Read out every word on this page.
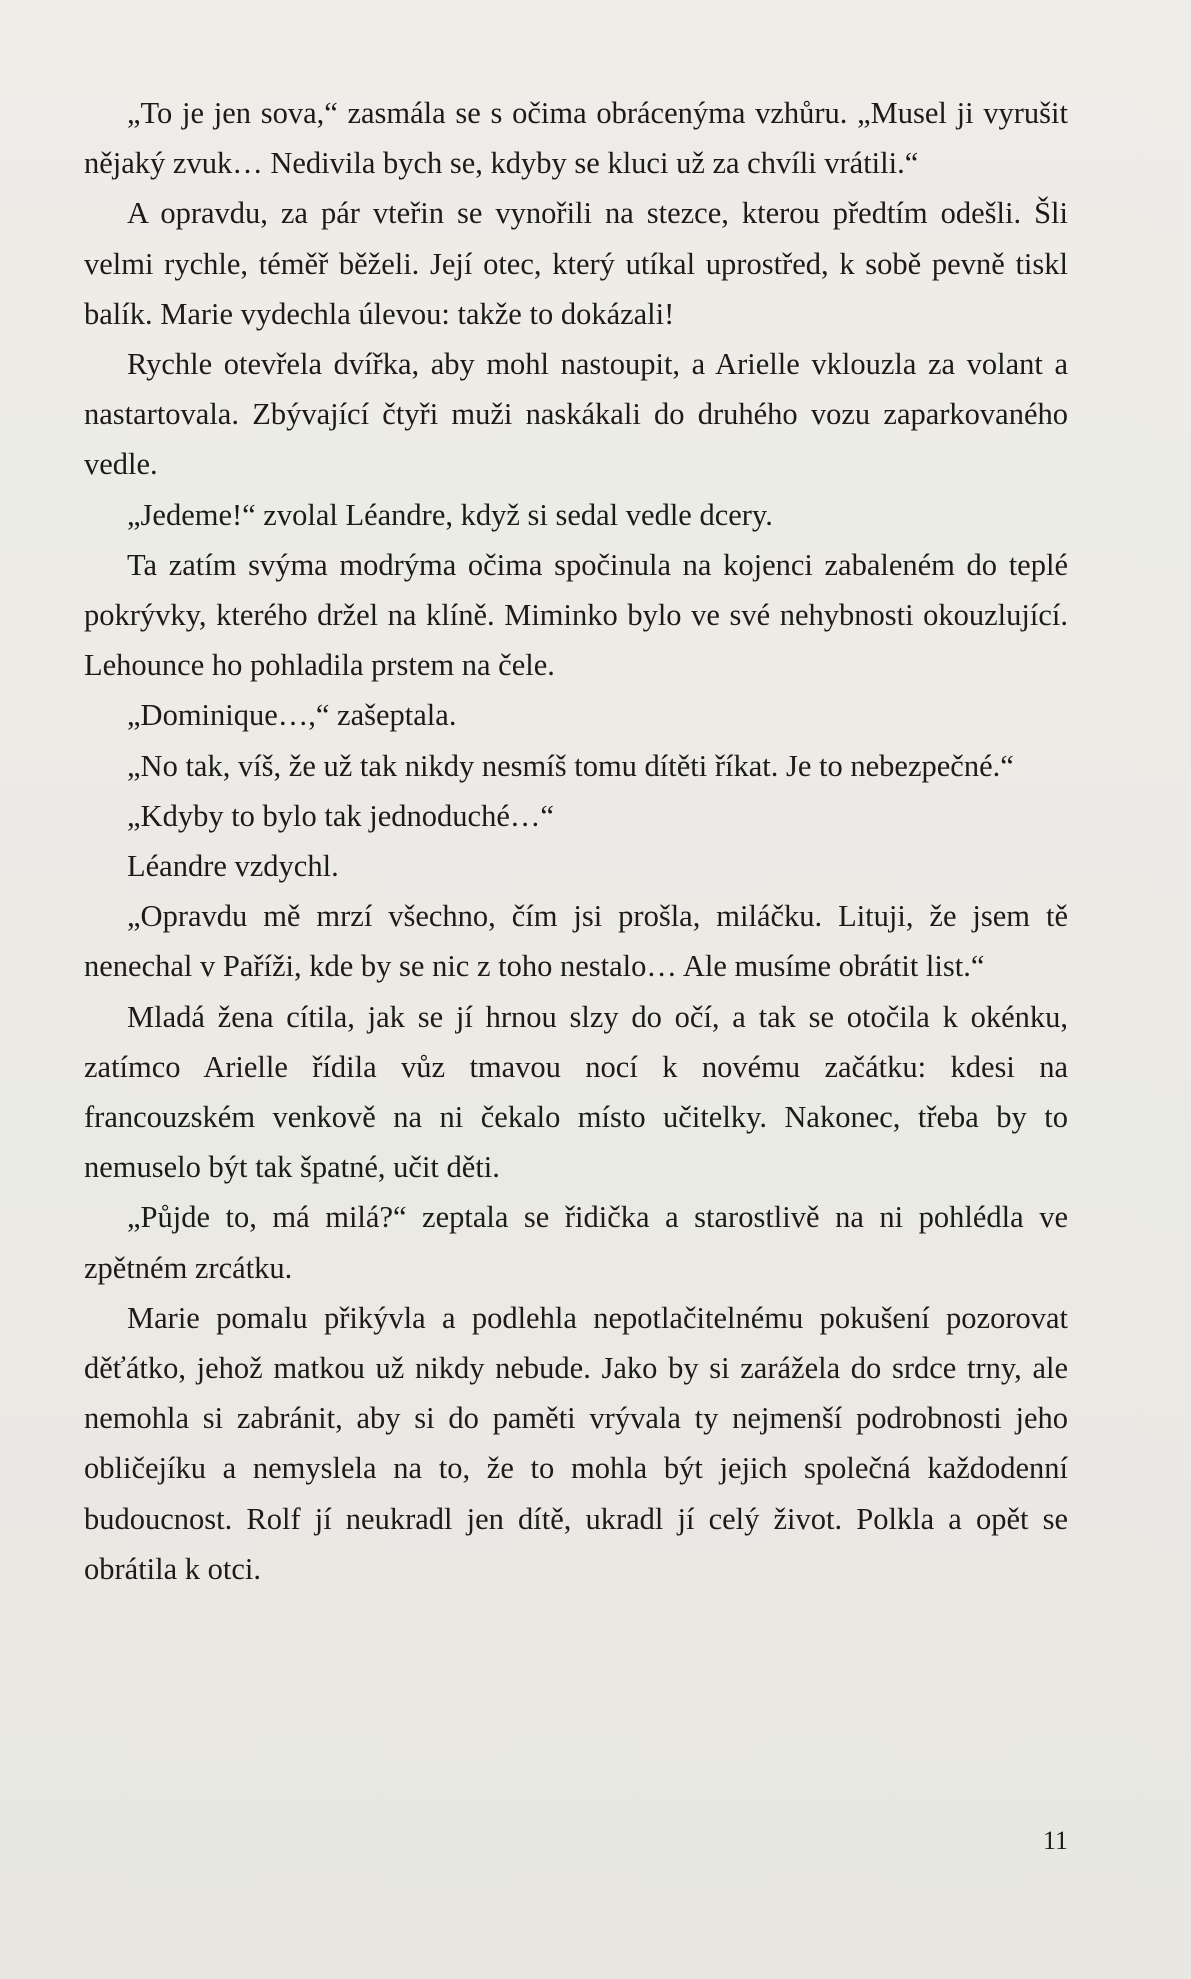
„To je jen sova,“ zasmála se s očima obrácenýma vzhůru. „Musel ji vyrušit nějaký zvuk… Nedivila bych se, kdyby se kluci už za chvíli vrátili.“

A opravdu, za pár vteřin se vynořili na stezce, kterou předtím odešli. Šli velmi rychle, téměř běželi. Její otec, který utíkal uprostřed, k sobě pevně tiskl balík. Marie vydechla úlevou: takže to dokázali!

Rychle otevřela dvířka, aby mohl nastoupit, a Arielle vklouzla za volant a nastartovala. Zbývající čtyři muži naskákali do druhého vozu zaparkovaného vedle.

„Jedeme!“ zvolal Léandre, když si sedal vedle dcery.

Ta zatím svýma modrýma očima spočinula na kojenci zabaleném do teplé pokrývky, kterého držel na klíně. Miminko bylo ve své nehybnosti okouzlující. Lehounce ho pohladila prstem na čele.

„Dominique…,“ zašeptala.

„No tak, víš, že už tak nikdy nesmíš tomu dítěti říkat. Je to nebezpečné.“

„Kdyby to bylo tak jednoduché…“

Léandre vzdychl.

„Opravdu mě mrzí všechno, čím jsi prošla, miláčku. Lituji, že jsem tě nenechal v Paříži, kde by se nic z toho nestalo… Ale musíme obrátit list.“

Mladá žena cítila, jak se jí hrnou slzy do očí, a tak se otočila k okénku, zatímco Arielle řídila vůz tmavou nocí k novému začátku: kdesi na francouzském venkově na ni čekalo místo učitelky. Nakonec, třeba by to nemuselo být tak špatné, učit děti.

„Půjde to, má milá?“ zeptala se řidička a starostlivě na ni pohlédla ve zpětném zrcátku.

Marie pomalu přikývla a podlehla nepotlačitelnému pokušení pozorovat děťátko, jehož matkou už nikdy nebude. Jako by si zarážela do srdce trny, ale nemohla si zabránit, aby si do paměti vrývala ty nejmenší podrobnosti jeho obličejíku a nemyslela na to, že to mohla být jejich společná každodenní budoucnost. Rolf jí neukradl jen dítě, ukradl jí celý život. Polkla a opět se obrátila k otci.

11
